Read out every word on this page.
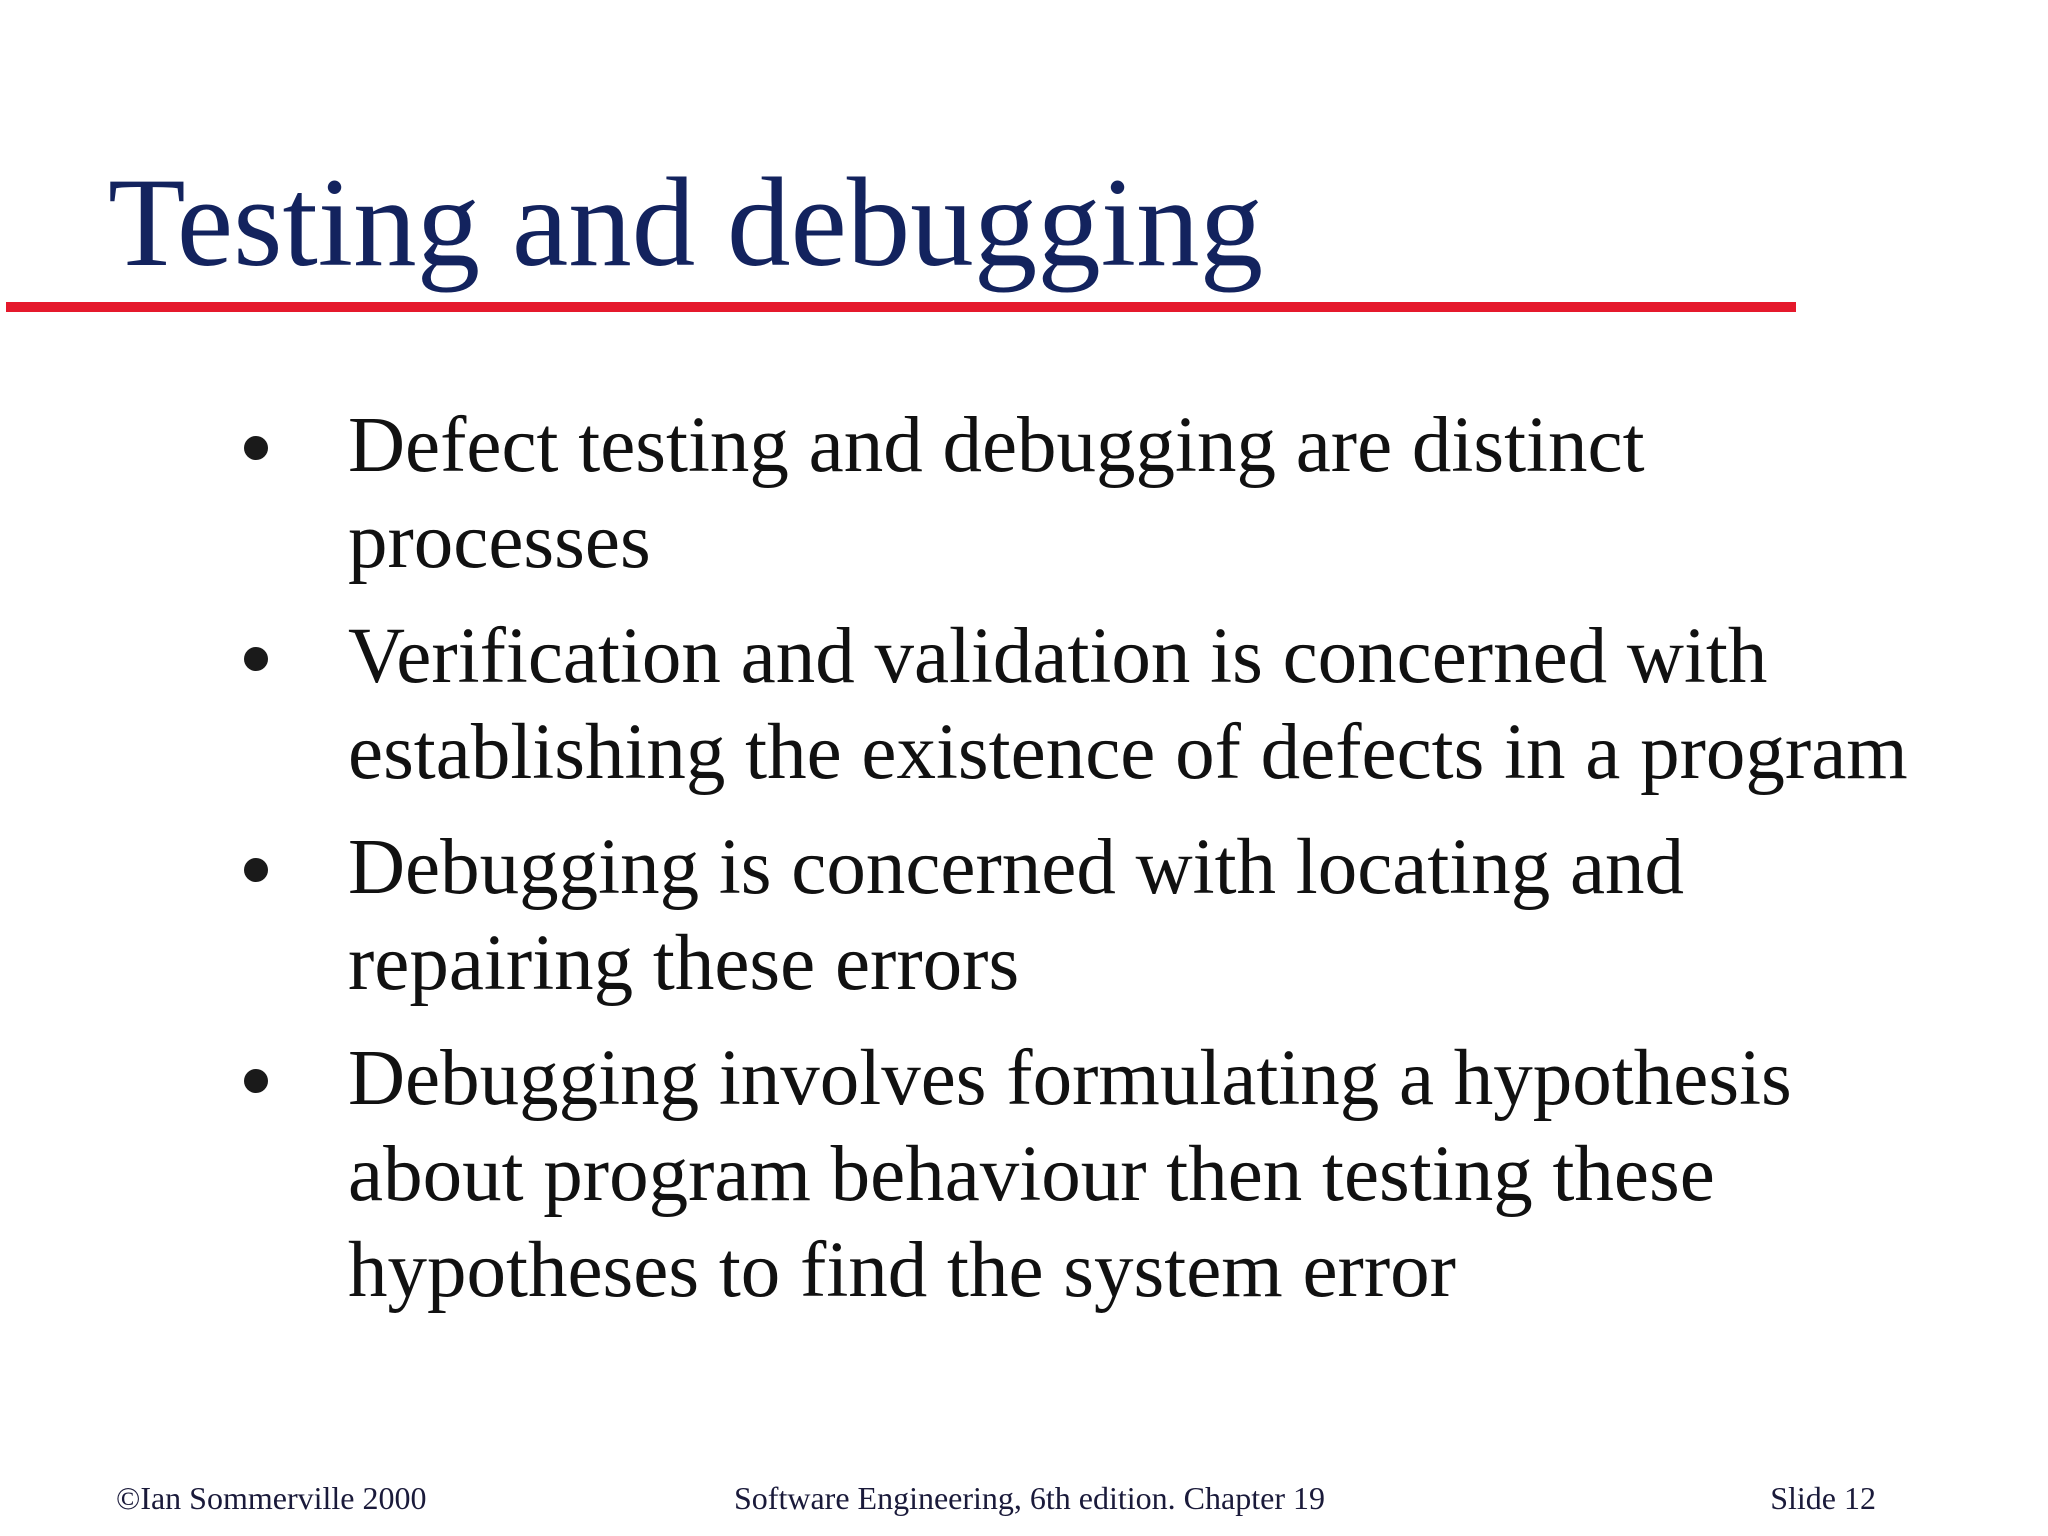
Testing and debugging
Defect testing and debugging are distinct processes
Verification and validation is concerned with establishing the existence of defects in a program
Debugging is concerned with locating and repairing these errors
Debugging involves formulating a hypothesis about program behaviour then testing these hypotheses to find the system error
©Ian Sommerville 2000	Software Engineering, 6th edition. Chapter 19	Slide 12
